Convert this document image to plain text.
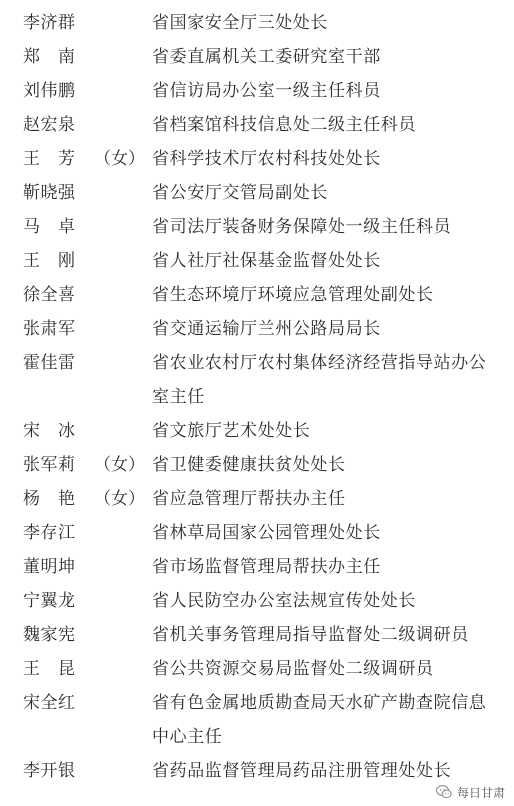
李济群	省国家安全厅三处处长
郑　南	省委直属机关工委研究室干部
刘伟鹏	省信访局办公室一级主任科员
赵宏泉	省档案馆科技信息处二级主任科员
王　芳 （女） 省科学技术厅农村科技处处长
靳晓强	省公安厅交管局副处长
马　卓	省司法厅装备财务保障处一级主任科员
王　刚	省人社厅社保基金监督处处长
徐全喜	省生态环境厅环境应急管理处副处长
张肃军	省交通运输厅兰州公路局局长
霍佳雷	省农业农村厅农村集体经济经营指导站办公室主任
宋　冰	省文旅厅艺术处处长
张军莉 （女） 省卫健委健康扶贫处处长
杨　艳 （女） 省应急管理厅帮扶办主任
李存江	省林草局国家公园管理处处长
董明坤	省市场监督管理局帮扶办主任
宁翼龙	省人民防空办公室法规宣传处处长
魏家宪	省机关事务管理局指导监督处二级调研员
王　昆	省公共资源交易局监督处二级调研员
宋全红	省有色金属地质勘查局天水矿产勘查院信息中心主任
李开银	省药品监督管理局药品注册管理处处长
每日甘肃
